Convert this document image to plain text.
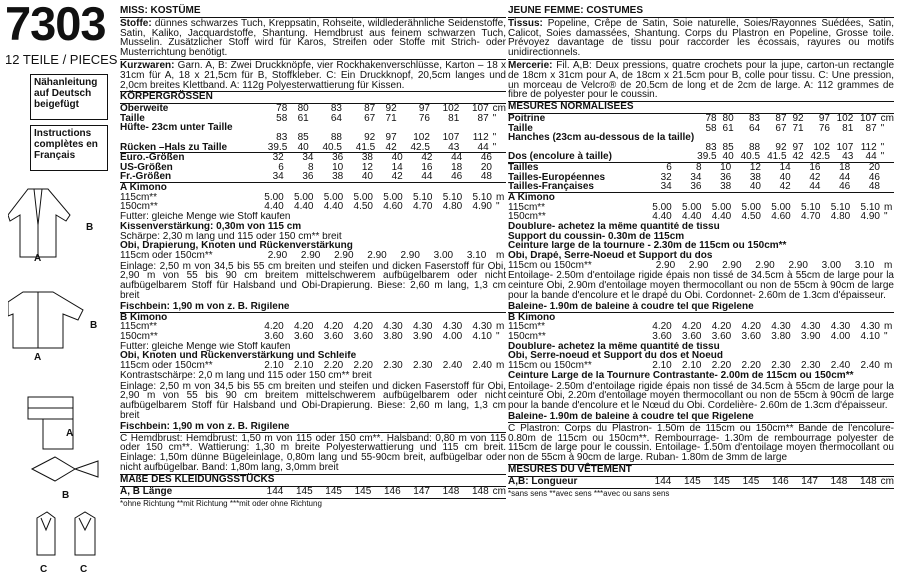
7303
12 TEILE / PIECES
Nähanleitung auf Deutsch beigefügt
Instructions complètes en Français
B
A
B
A
A
B
C	C
MISS: KOSTÜME

Stoffe: dünnes schwarzes Tuch, Kreppsatin, Rohseite, wildlederähnliche Seidenstoffe, Satin, Kaliko, Jacquardstoffe, Shantung. Hemdbrust aus feinem schwarzen Tuch, Musselin. Zusätzlicher Stoff wird für Karos, Streifen oder Stoffe mit Strich- oder Musterrichtung benötigt.

Kurzwaren: Garn. A, B: Zwei Druckknöpfe, vier Rockhakenverschlüsse, Karton – 18 x 31cm für A, 18 x 21,5cm für B, Stoffkleber. C: Ein Druckknopf, 20,5cm langes und 2,0cm breites Klettband. A: 112g Polyesterwattierung für Kissen.

KÖRPERGRÖSSEN
Oberweite	78	80	83	87	92	97	102	107	cm
Taille	58	61	64	67	71	76	81	87	"
Hüfte- 23cm unter Taille									
	83	85	88	92	97	102	107	112	"
Rücken –Hals zu Taille	39.5	40	40.5	41.5	42	42.5	43	44	"
Euro.-Größen	32	34	36	38	40	42	44	46	
US-Größen	6	8	10	12	14	16	18	20	
Fr.-Größen	34	36	38	40	42	44	46	48	
A Kimono
115cm**	5.00	5.00	5.00	5.00	5.00	5.10	5.10	5.10	m
150cm**	4.40	4.40	4.40	4.50	4.60	4.70	4.80	4.90	"
Futter: gleiche Menge wie Stoff kaufen
Kissenverstärkung: 0,30m von 115 cm
Schärpe: 2,30 m lang und 115 oder 150 cm** breit
Obi, Drapierung, Knoten und Rückenverstärkung
115cm oder 150cm**	2.90	2.90	2.90	2.90	2.90	3.00	3.10		m

Einlage: 2,50 m von 34,5 bis 55 cm breiten und steifen und dicken Faserstoff für Obi, 2,90 m von 55 bis 90 cm breitem mittelschwerem aufbügelbarem oder nicht aufbügelbarem Stoff für Halsband und Obi-Drapierung. Biese: 2,60 m lang, 1,3 cm breit

Fischbein: 1,90 m von z. B. Rigilene
B Kimono
115cm**	4.20	4.20	4.20	4.20	4.30	4.30	4.30	4.30	m
150cm**	3.60	3.60	3.60	3.60	3.80	3.90	4.00	4.10	"
Futter: gleiche Menge wie Stoff kaufen
Obi, Knoten und Rückenverstärkung und Schleife
115cm oder 150cm**	2.10	2.10	2.20	2.20	2.30	2.30	2.40	2.40	m
Kontrastschärpe: 2,0 m lang und 115 oder 150 cm** breit

Einlage: 2,50 m von 34,5 bis 55 cm breiten und steifen und dicken Faserstoff für Obi, 2,90 m von 55 bis 90 cm breitem mittelschwerem aufbügelbarem oder nicht aufbügelbarem Stoff für Halsband und Obi-Drapierung. Biese: 2,60 m lang, 1,3 cm breit

Fischbein: 1,90 m von z. B. Rigilene

C Hemdbrust: Hemdbrust: 1,50 m von 115 oder 150 cm**. Halsband: 0,80 m von 115 oder 150 cm**. Wattierung: 1,30 m breite Polyesterwattierung und 115 cm breit. Einlage: 1,50m dünne Bügeleinlage, 0,80m lang und 55-90cm breit, aufbügelbar oder nicht aufbügelbar. Band: 1,80m lang, 3,0mm breit

MAßE DES KLEIDUNGSSTÜCKS
A, B Länge	144	145	145	145	146	147	148	148	cm
*ohne Richtung **mit Richtung ***mit oder ohne Richtung
JEUNE FEMME: COSTUMES

Tissus: Popeline, Crêpe de Satin, Soie naturelle, Soies/Rayonnes Suédées, Satin, Calicot, Soies damassées, Shantung. Corps du Plastron en Popeline, Grosse toile. Prévoyez davantage de tissu pour raccorder les écossais, rayures ou motifs unidirectionnels.

Mercerie: Fil. A,B: Deux pressions, quatre crochets pour la jupe, carton-un rectangle de 18cm x 31cm pour A, de 18cm x 21.5cm pour B, colle pour tissu. C: Une pression, un morceau de Velcro® de 20.5cm de long et de 2cm de large. A: 112 grammes de fibre de polyester pour le coussin.

MESURES NORMALISEES
Poitrine	78	80	83	87	92	97	102	107	cm
Taille	58	61	64	67	71	76	81	87	"
Hanches (23cm au-dessous de la taille)									
	83	85	88	92	97	102	107	112	"
Dos (encolure à taille)	39.5	40	40.5	41.5	42	42.5	43	44	"
Tailles	6	8	10	12	14	16	18	20	
Tailles-Européennes	32	34	36	38	40	42	44	46	
Tailles-Françaises	34	36	38	40	42	44	46	48	
A Kimono
115cm**	5.00	5.00	5.00	5.00	5.00	5.10	5.10	5.10	m
150cm**	4.40	4.40	4.40	4.50	4.60	4.70	4.80	4.90	"
Doublure- achetez la même quantité de tissu
Support du coussin- 0.30m de 115cm
Ceinture large de la tournure - 2.30m de 115cm ou 150cm**
Obi, Drapé, Serre-Noeud et Support du dos
115cm ou 150cm**	2.90	2.90	2.90	2.90	2.90	3.00	3.10		m

Entoilage- 2.50m d'entoilage rigide épais non tissé de 34.5cm à 55cm de large pour la ceinture Obi, 2.90m d'entoilage moyen thermocollant ou non de 55cm à 90cm de large pour la bande d'encolure et le drapé du Obi. Cordonnet- 2.60m de 1.3cm d'épaisseur.

Baleine- 1.90m de baleine à coudre tel que Rigelene
B Kimono
115cm**	4.20	4.20	4.20	4.20	4.30	4.30	4.30	4.30	m
150cm**	3.60	3.60	3.60	3.60	3.80	3.90	4.00	4.10	"
Doublure- achetez la même quantité de tissu
Obi, Serre-noeud et Support du dos et Noeud
115cm ou 150cm**	2.10	2.10	2.20	2.20	2.30	2.30	2.40	2.40	m
Ceinture Large de la Tournure Contrastante- 2.00m de 115cm ou 150cm**

Entoilage- 2.50m d'entoilage rigide épais non tissé de 34.5cm à 55cm de large pour la ceinture Obi, 2.20m d'entoilage moyen thermocollant ou non de 55cm à 90cm de large pour la bande d'encolure et le Nœud du Obi. Cordelière- 2.60m de 1.3cm d'épaisseur.

Baleine- 1.90m de baleine à coudre tel que Rigelene

C Plastron: Corps du Plastron- 1.50m de 115cm ou 150cm** Bande de l'encolure- 0.80m de 115cm ou 150cm**. Rembourrage- 1.30m de rembourrage polyester de 115cm de large pour le coussin. Entoilage- 1.50m d'entoilage moyen thermocollant ou non de 55cm à 90cm de large. Ruban- 1.80m de 3mm de large

MESURES DU VÊTEMENT
A,B: Longueur	144	145	145	145	146	147	148	148	cm
*sans sens **avec sens ***avec ou sans sens
